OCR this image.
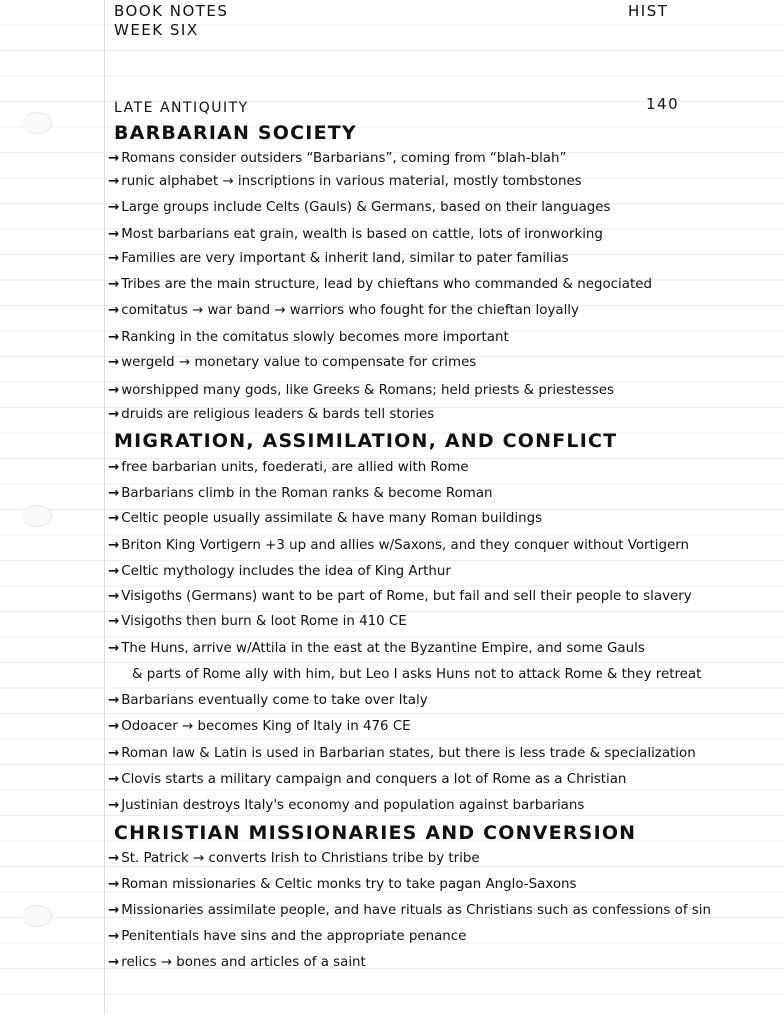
BOOK NOTES
WEEK SIX
HIST
LATE ANTIQUITY	140
BARBARIAN SOCIETY
→ Romans consider outsiders “Barbarians”, coming from “blah-blah”
→ runic alphabet → inscriptions in various material, mostly tombstones
→ Large groups include Celts (Gauls) & Germans, based on their languages
→ Most barbarians eat grain, wealth is based on cattle, lots of ironworking
→ Families are very important & inherit land, similar to pater familias
→ Tribes are the main structure, lead by chieftans who commanded & negociated
→ comitatus → war band → warriors who fought for the chieftan loyally
→ Ranking in the comitatus slowly becomes more important
→ wergeld → monetary value to compensate for crimes
→ worshipped many gods, like Greeks & Romans; held priests & priestesses
→ druids are religious leaders & bards tell stories
MIGRATION, ASSIMILATION, AND CONFLICT
→ free barbarian units, foederati, are allied with Rome
→ Barbarians climb in the Roman ranks & become Roman
→ Celtic people usually assimilate & have many Roman buildings
→ Briton King Vortigern +3 up and allies w/Saxons, and they conquer without Vortigern
→ Celtic mythology includes the idea of King Arthur
→ Visigoths (Germans) want to be part of Rome, but fail and sell their people to slavery
→ Visigoths then burn & loot Rome in 410 CE
→ The Huns, arrive w/Attila in the east at the Byzantine Empire, and some Gauls
& parts of Rome ally with him, but Leo I asks Huns not to attack Rome & they retreat
→ Barbarians eventually come to take over Italy
→ Odoacer → becomes King of Italy in 476 CE
→ Roman law & Latin is used in Barbarian states, but there is less trade & specialization
→ Clovis starts a military campaign and conquers a lot of Rome as a Christian
→ Justinian destroys Italy's economy and population against barbarians
CHRISTIAN MISSIONARIES AND CONVERSION
→ St. Patrick → converts Irish to Christians tribe by tribe
→ Roman missionaries & Celtic monks try to take pagan Anglo-Saxons
→ Missionaries assimilate people, and have rituals as Christians such as confessions of sin
→ Penitentials have sins and the appropriate penance
→ relics → bones and articles of a saint
